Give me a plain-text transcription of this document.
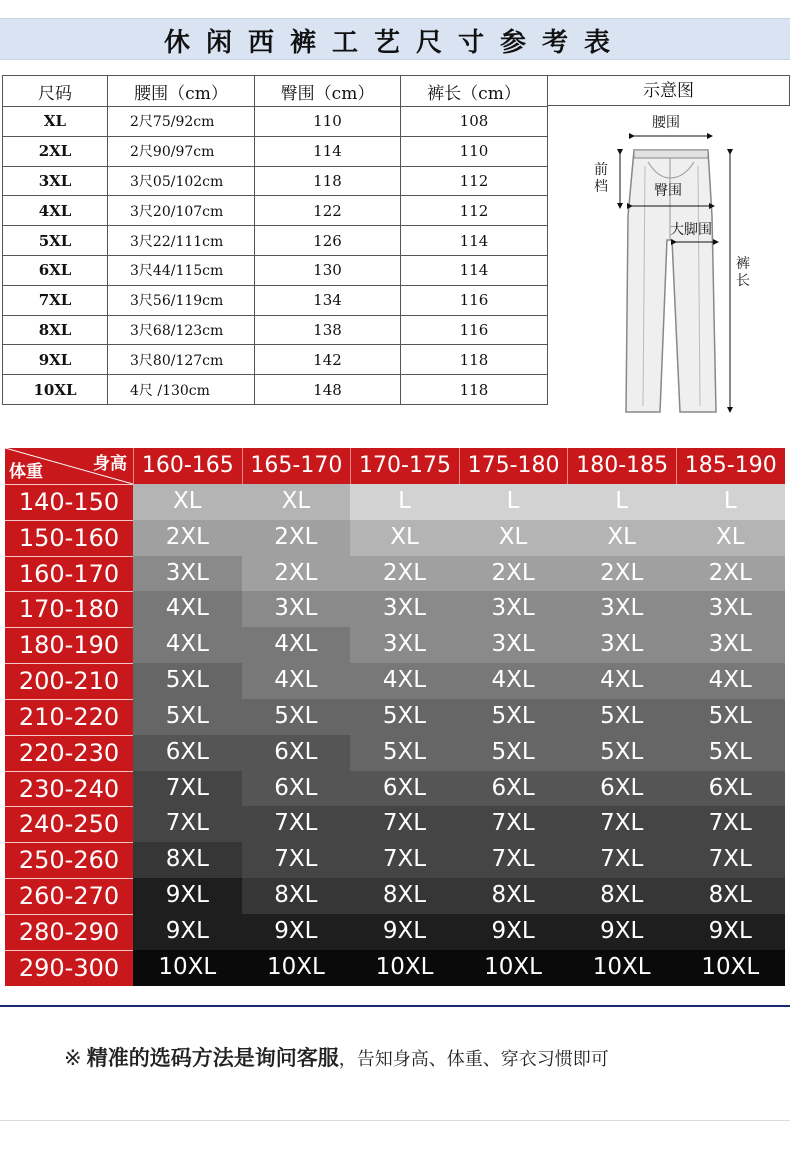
休闲西裤工艺尺寸参考表
尺码	腰围（cm）	臀围（cm）	裤长（cm）
XL	2尺75/92cm	110	108
2XL	2尺90/97cm	114	110
3XL	3尺05/102cm	118	112
4XL	3尺20/107cm	122	112
5XL	3尺22/111cm	126	114
6XL	3尺44/115cm	130	114
7XL	3尺56/119cm	134	116
8XL	3尺68/123cm	138	116
9XL	3尺80/127cm	142	118
10XL	4尺 /130cm	148	118
示意图
腰围
前档	臀围
大脚围
裤长
身高
体重	160-165 165-170 170-175 175-180 180-185 185-190
140-150	XL	XL	L	L	L	L
150-160	2XL	2XL	XL	XL	XL	XL
160-170	3XL	2XL	2XL	2XL	2XL	2XL
170-180	4XL	3XL	3XL	3XL	3XL	3XL
180-190	4XL	4XL	3XL	3XL	3XL	3XL
200-210	5XL	4XL	4XL	4XL	4XL	4XL
210-220	5XL	5XL	5XL	5XL	5XL	5XL
220-230	6XL	6XL	5XL	5XL	5XL	5XL
230-240	7XL	6XL	6XL	6XL	6XL	6XL
240-250	7XL	7XL	7XL	7XL	7XL	7XL
250-260	8XL	7XL	7XL	7XL	7XL	7XL
260-270	9XL	8XL	8XL	8XL	8XL	8XL
280-290	9XL	9XL	9XL	9XL	9XL	9XL
290-300	10XL	10XL	10XL	10XL	10XL	10XL
※ 精准的选码方法是询问客服，告知身高、体重、穿衣习惯即可
